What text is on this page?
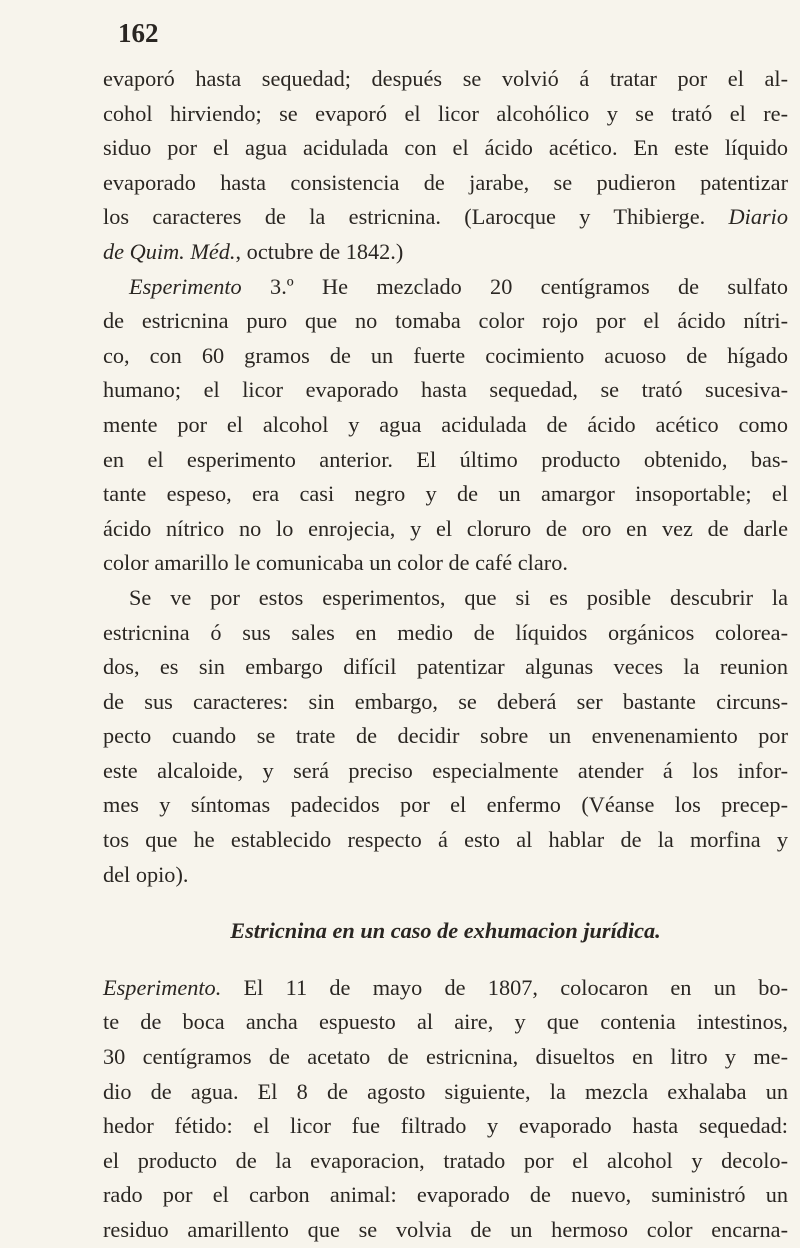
162
evaporó hasta sequedad; después se volvió á tratar por el al-
cohol hirviendo; se evaporó el licor alcohólico y se trató el re-
siduo por el agua acidulada con el ácido acético. En este líquido
evaporado hasta consistencia de jarabe, se pudieron patentizar
los caracteres de la estricnina. (Larocque y Thibierge. Diario
de Quim. Méd., octubre de 1842.)
Esperimento 3.º He mezclado 20 centígramos de sulfato
de estricnina puro que no tomaba color rojo por el ácido nítri-
co, con 60 gramos de un fuerte cocimiento acuoso de hígado
humano; el licor evaporado hasta sequedad, se trató sucesiva-
mente por el alcohol y agua acidulada de ácido acético como
en el esperimento anterior. El último producto obtenido, bas-
tante espeso, era casi negro y de un amargor insoportable; el
ácido nítrico no lo enrojecia, y el cloruro de oro en vez de darle
color amarillo le comunicaba un color de café claro.
Se ve por estos esperimentos, que si es posible descubrir la
estricnina ó sus sales en medio de líquidos orgánicos colorea-
dos, es sin embargo difícil patentizar algunas veces la reunion
de sus caracteres: sin embargo, se deberá ser bastante circuns-
pecto cuando se trate de decidir sobre un envenenamiento por
este alcaloide, y será preciso especialmente atender á los infor-
mes y síntomas padecidos por el enfermo (Véanse los precep-
tos que he establecido respecto á esto al hablar de la morfina y
del opio).
Estricnina en un caso de exhumacion jurídica.
Esperimento. El 11 de mayo de 1807, colocaron en un bo-
te de boca ancha espuesto al aire, y que contenia intestinos,
30 centígramos de acetato de estricnina, disueltos en litro y me-
dio de agua. El 8 de agosto siguiente, la mezcla exhalaba un
hedor fétido: el licor fue filtrado y evaporado hasta sequedad:
el producto de la evaporacion, tratado por el alcohol y decolo-
rado por el carbon animal: evaporado de nuevo, suministró un
residuo amarillento que se volvia de un hermoso color encarna-
